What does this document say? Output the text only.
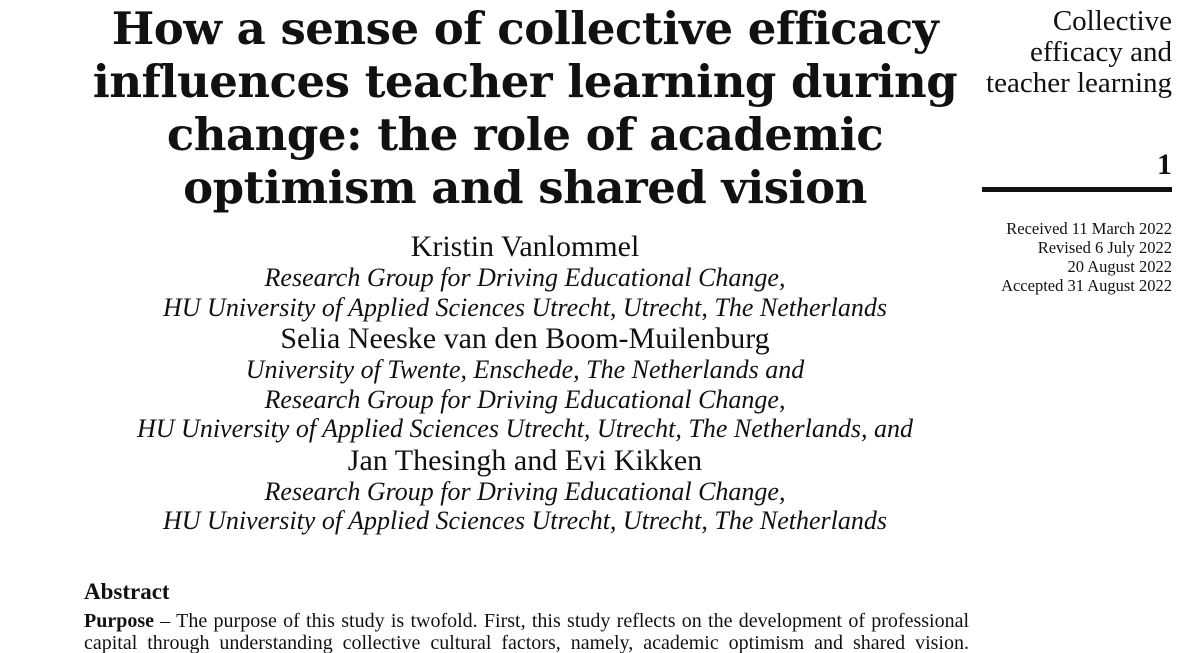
How a sense of collective efficacy influences teacher learning during change: the role of academic optimism and shared vision
Kristin Vanlommel
Research Group for Driving Educational Change,
HU University of Applied Sciences Utrecht, Utrecht, The Netherlands
Selia Neeske van den Boom-Muilenburg
University of Twente, Enschede, The Netherlands and
Research Group for Driving Educational Change,
HU University of Applied Sciences Utrecht, Utrecht, The Netherlands, and
Jan Thesingh and Evi Kikken
Research Group for Driving Educational Change,
HU University of Applied Sciences Utrecht, Utrecht, The Netherlands
Collective efficacy and teacher learning
1
Received 11 March 2022
Revised 6 July 2022
20 August 2022
Accepted 31 August 2022
Abstract

Purpose – The purpose of this study is twofold. First, this study reflects on the development of professional capital through understanding collective cultural factors, namely, academic optimism and shared vision.
